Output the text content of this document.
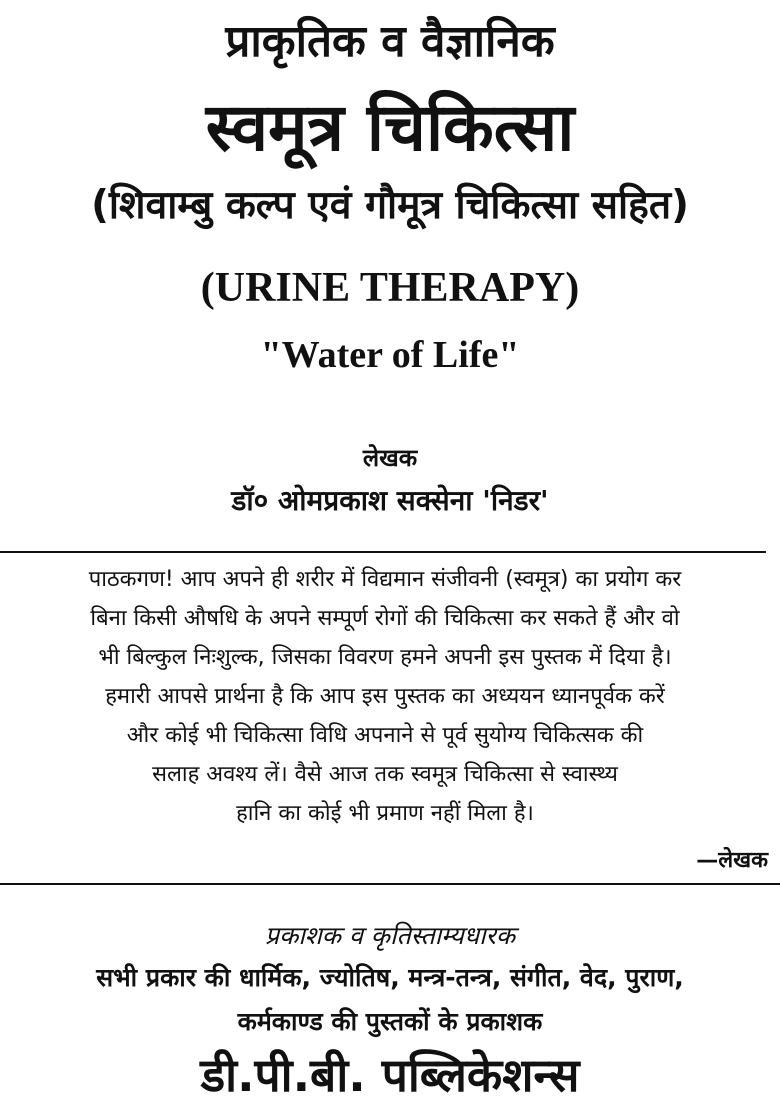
प्राकृतिक व वैज्ञानिक
स्वमूत्र चिकित्सा
(शिवाम्बु कल्प एवं गौमूत्र चिकित्सा सहित)
(URINE THERAPY)
"Water of Life"
लेखक
डॉ० ओमप्रकाश सक्सेना 'निडर'
पाठकगण! आप अपने ही शरीर में विद्यमान संजीवनी (स्वमूत्र) का प्रयोग कर
बिना किसी औषधि के अपने सम्पूर्ण रोगों की चिकित्सा कर सकते हैं और वो
भी बिल्कुल निःशुल्क, जिसका विवरण हमने अपनी इस पुस्तक में दिया है।
हमारी आपसे प्रार्थना है कि आप इस पुस्तक का अध्ययन ध्यानपूर्वक करें
और कोई भी चिकित्सा विधि अपनाने से पूर्व सुयोग्य चिकित्सक की
सलाह अवश्य लें। वैसे आज तक स्वमूत्र चिकित्सा से स्वास्थ्य
हानि का कोई भी प्रमाण नहीं मिला है।
—लेखक
प्रकाशक व कृतिस्ताम्यधारक
सभी प्रकार की धार्मिक, ज्योतिष, मन्त्र-तन्त्र, संगीत, वेद, पुराण,
कर्मकाण्ड की पुस्तकों के प्रकाशक
डी.पी.बी. पब्लिकेशन्स
